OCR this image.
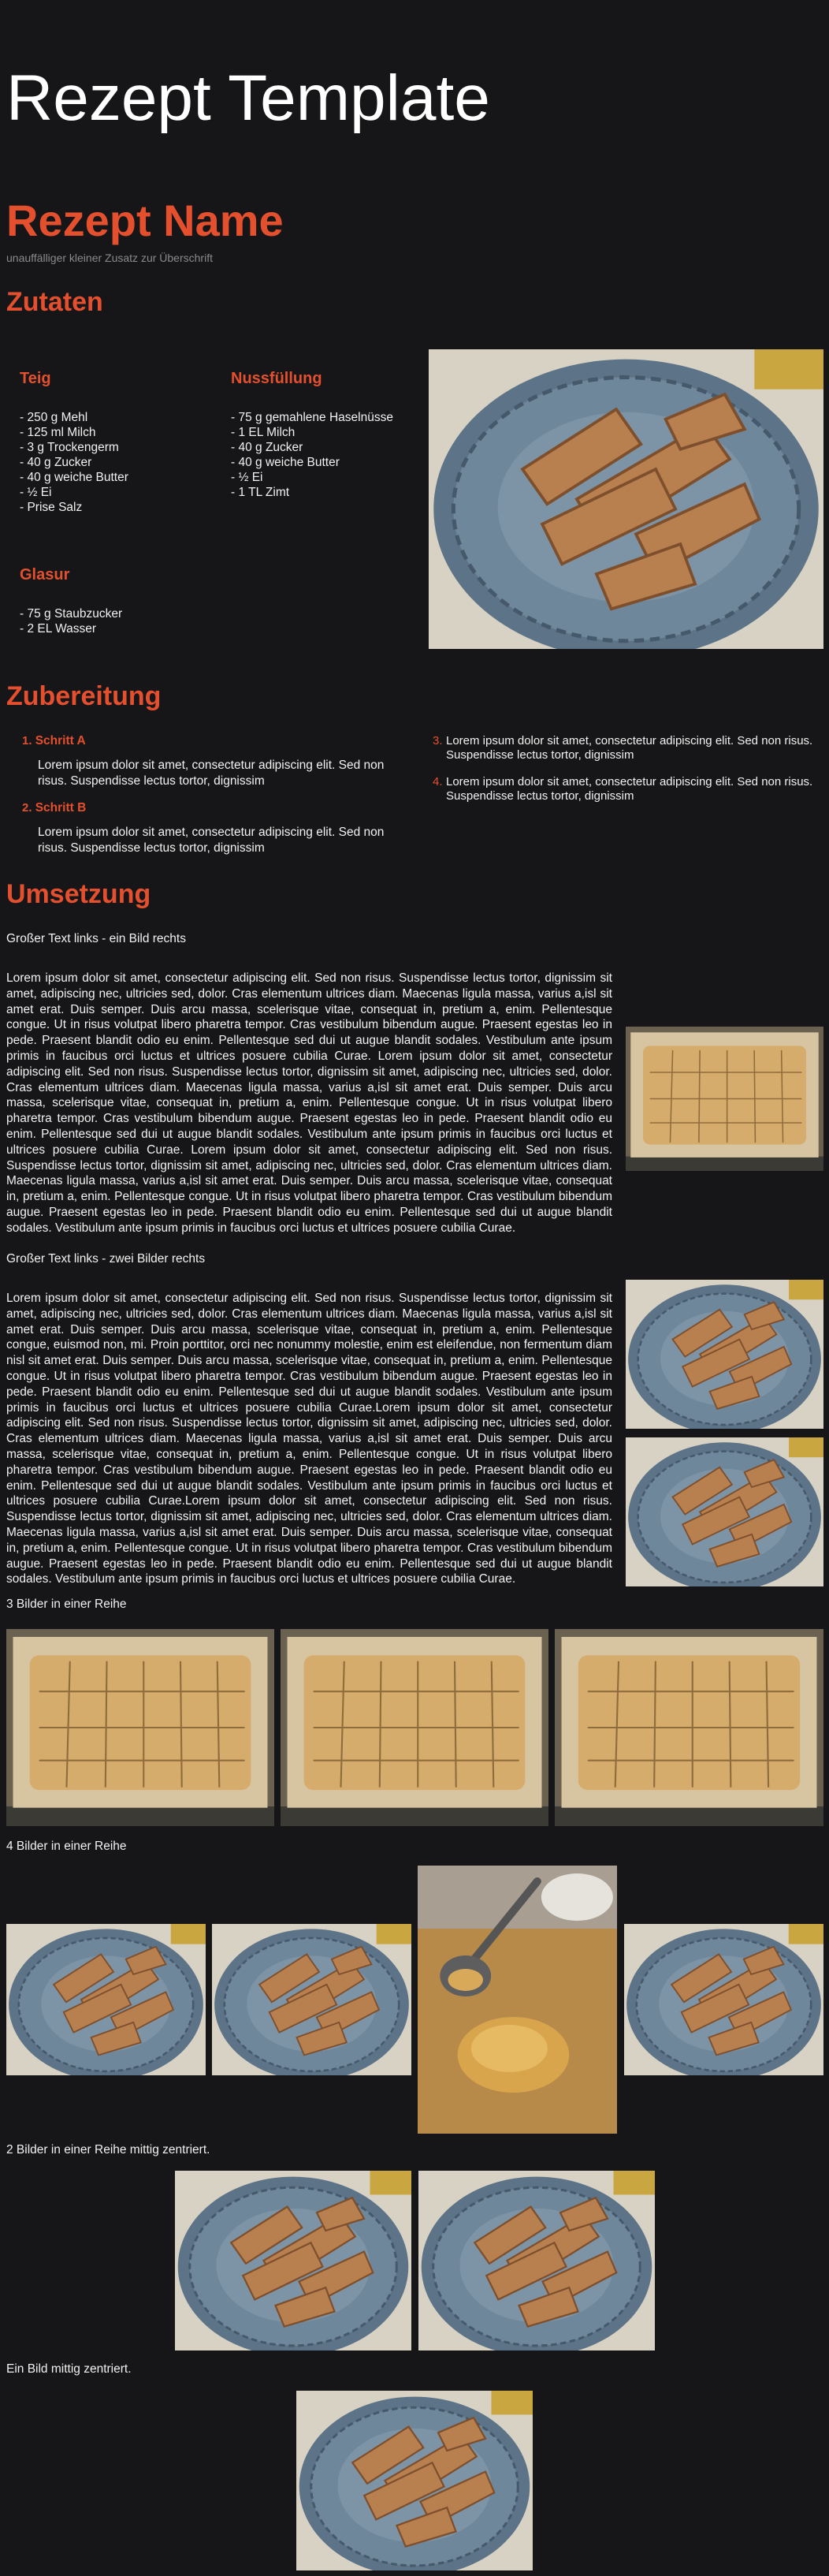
Rezept Template
Rezept Name
unauffälliger kleiner Zusatz zur Überschrift
Zutaten
Teig
- 250 g Mehl
- 125 ml Milch
- 3 g Trockengerm
- 40 g Zucker
- 40 g weiche Butter
- ½ Ei
- Prise Salz
Nussfüllung
- 75 g gemahlene Haselnüsse
- 1 EL Milch
- 40 g Zucker
- 40 g weiche Butter
- ½ Ei
- 1 TL Zimt
Glasur
- 75 g Staubzucker
- 2 EL Wasser
Zubereitung
1. Schritt A
Lorem ipsum dolor sit amet, consectetur adipiscing elit. Sed non risus. Suspendisse lectus tortor, dignissim
2. Schritt B
Lorem ipsum dolor sit amet, consectetur adipiscing elit. Sed non risus. Suspendisse lectus tortor, dignissim
3. Lorem ipsum dolor sit amet, consectetur adipiscing elit. Sed non risus. Suspendisse lectus tortor, dignissim
4. Lorem ipsum dolor sit amet, consectetur adipiscing elit. Sed non risus. Suspendisse lectus tortor, dignissim
Umsetzung
Großer Text links - ein Bild rechts
Lorem ipsum dolor sit amet, consectetur adipiscing elit. Sed non risus. Suspendisse lectus tortor, dignissim sit amet, adipiscing nec, ultricies sed, dolor. Cras elementum ultrices diam. Maecenas ligula massa, varius a,isl sit amet erat. Duis semper. Duis arcu massa, scelerisque vitae, consequat in, pretium a, enim. Pellentesque congue. Ut in risus volutpat libero pharetra tempor. Cras vestibulum bibendum augue. Praesent egestas leo in pede. Praesent blandit odio eu enim. Pellentesque sed dui ut augue blandit sodales. Vestibulum ante ipsum primis in faucibus orci luctus et ultrices posuere cubilia Curae. Lorem ipsum dolor sit amet, consectetur adipiscing elit. Sed non risus. Suspendisse lectus tortor, dignissim sit amet, adipiscing nec, ultricies sed, dolor. Cras elementum ultrices diam. Maecenas ligula massa, varius a,isl sit amet erat. Duis semper. Duis arcu massa, scelerisque vitae, consequat in, pretium a, enim. Pellentesque congue. Ut in risus volutpat libero pharetra tempor. Cras vestibulum bibendum augue. Praesent egestas leo in pede. Praesent blandit odio eu enim. Pellentesque sed dui ut augue blandit sodales. Vestibulum ante ipsum primis in faucibus orci luctus et ultrices posuere cubilia Curae. Lorem ipsum dolor sit amet, consectetur adipiscing elit. Sed non risus. Suspendisse lectus tortor, dignissim sit amet, adipiscing nec, ultricies sed, dolor. Cras elementum ultrices diam. Maecenas ligula massa, varius a,isl sit amet erat. Duis semper. Duis arcu massa, scelerisque vitae, consequat in, pretium a, enim. Pellentesque congue. Ut in risus volutpat libero pharetra tempor. Cras vestibulum bibendum augue. Praesent egestas leo in pede. Praesent blandit odio eu enim. Pellentesque sed dui ut augue blandit sodales. Vestibulum ante ipsum primis in faucibus orci luctus et ultrices posuere cubilia Curae.
Großer Text links - zwei Bilder rechts
Lorem ipsum dolor sit amet, consectetur adipiscing elit. Sed non risus. Suspendisse lectus tortor, dignissim sit amet, adipiscing nec, ultricies sed, dolor. Cras elementum ultrices diam. Maecenas ligula massa, varius a,isl sit amet erat. Duis semper. Duis arcu massa, scelerisque vitae, consequat in, pretium a, enim. Pellentesque congue, euismod non, mi. Proin porttitor, orci nec nonummy molestie, enim est eleifendue, non fermentum diam nisl sit amet erat. Duis semper. Duis arcu massa, scelerisque vitae, consequat in, pretium a, enim. Pellentesque congue. Ut in risus volutpat libero pharetra tempor. Cras vestibulum bibendum augue. Praesent egestas leo in pede. Praesent blandit odio eu enim. Pellentesque sed dui ut augue blandit sodales. Vestibulum ante ipsum primis in faucibus orci luctus et ultrices posuere cubilia Curae.Lorem ipsum dolor sit amet, consectetur adipiscing elit. Sed non risus. Suspendisse lectus tortor, dignissim sit amet, adipiscing nec, ultricies sed, dolor. Cras elementum ultrices diam. Maecenas ligula massa, varius a,isl sit amet erat. Duis semper. Duis arcu massa, scelerisque vitae, consequat in, pretium a, enim. Pellentesque congue. Ut in risus volutpat libero pharetra tempor. Cras vestibulum bibendum augue. Praesent egestas leo in pede. Praesent blandit odio eu enim. Pellentesque sed dui ut augue blandit sodales. Vestibulum ante ipsum primis in faucibus orci luctus et ultrices posuere cubilia Curae.Lorem ipsum dolor sit amet, consectetur adipiscing elit. Sed non risus. Suspendisse lectus tortor, dignissim sit amet, adipiscing nec, ultricies sed, dolor. Cras elementum ultrices diam. Maecenas ligula massa, varius a,isl sit amet erat. Duis semper. Duis arcu massa, scelerisque vitae, consequat in, pretium a, enim. Pellentesque congue. Ut in risus volutpat libero pharetra tempor. Cras vestibulum bibendum augue. Praesent egestas leo in pede. Praesent blandit odio eu enim. Pellentesque sed dui ut augue blandit sodales. Vestibulum ante ipsum primis in faucibus orci luctus et ultrices posuere cubilia Curae.
3 Bilder in einer Reihe
4 Bilder in einer Reihe
2 Bilder in einer Reihe mittig zentriert.
Ein Bild mittig zentriert.
